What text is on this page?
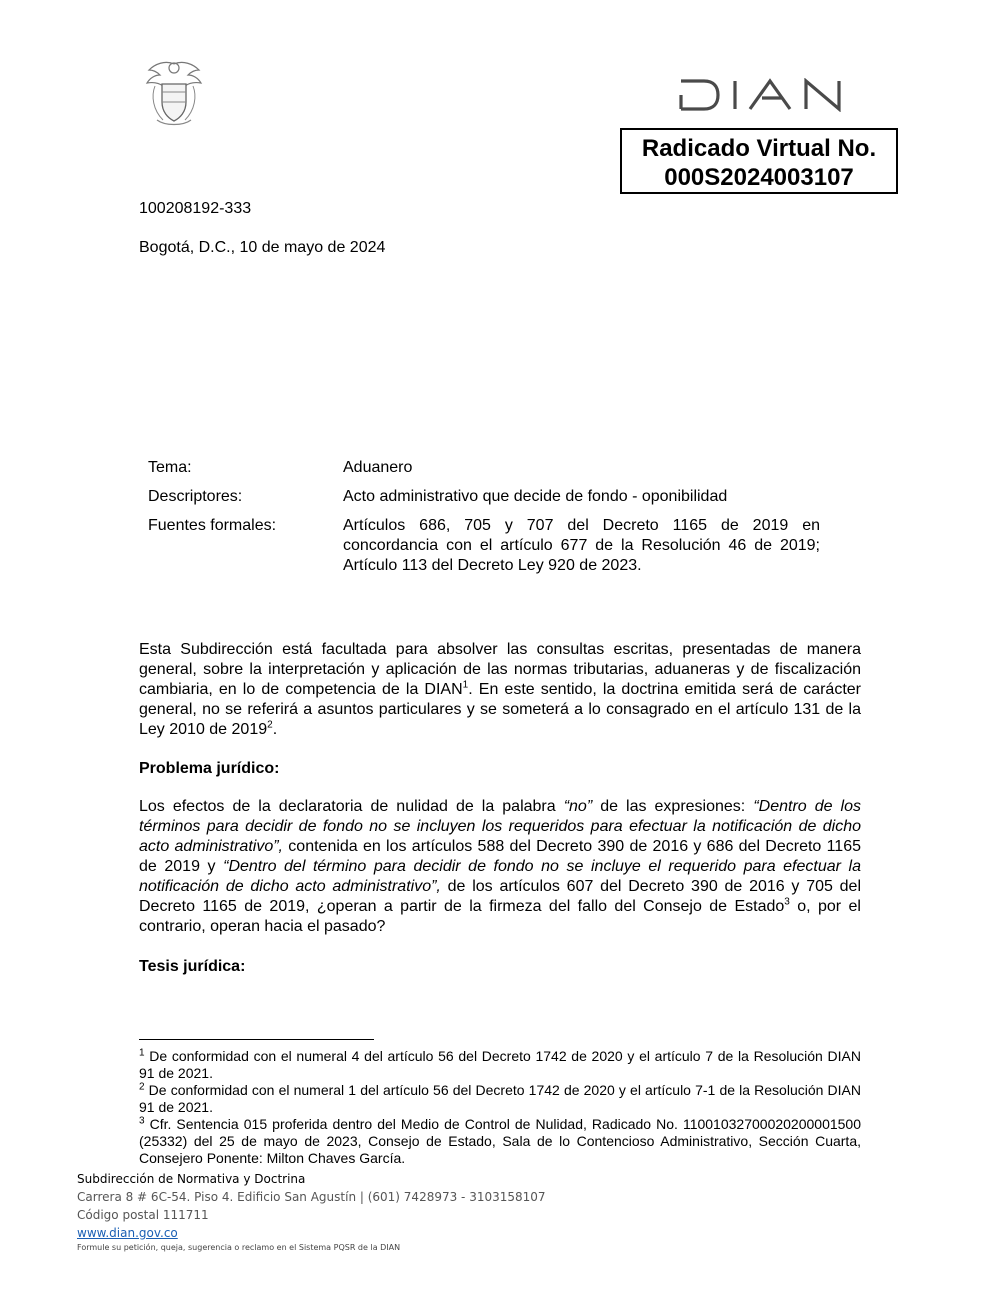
Radicado Virtual No.
000S2024003107
100208192-333
Bogotá, D.C., 10 de mayo de 2024
Tema:	Aduanero
Descriptores:	Acto administrativo que decide de fondo - oponibilidad
Fuentes formales:	Artículos 686, 705 y 707 del Decreto 1165 de 2019 en concordancia con el artículo 677 de la Resolución 46 de 2019; Artículo 113 del Decreto Ley 920 de 2023.
Esta Subdirección está facultada para absolver las consultas escritas, presentadas de manera general, sobre la interpretación y aplicación de las normas tributarias, aduaneras y de fiscalización cambiaria, en lo de competencia de la DIAN$^1$. En este sentido, la doctrina emitida será de carácter general, no se referirá a asuntos particulares y se someterá a lo consagrado en el artículo 131 de la Ley 2010 de 2019$^2$.
Problema jurídico:
Los efectos de la declaratoria de nulidad de la palabra “no” de las expresiones: “Dentro de los términos para decidir de fondo no se incluyen los requeridos para efectuar la notificación de dicho acto administrativo”, contenida en los artículos 588 del Decreto 390 de 2016 y 686 del Decreto 1165 de 2019 y “Dentro del término para decidir de fondo no se incluye el requerido para efectuar la notificación de dicho acto administrativo”, de los artículos 607 del Decreto 390 de 2016 y 705 del Decreto 1165 de 2019, ¿operan a partir de la firmeza del fallo del Consejo de Estado$^3$ o, por el contrario, operan hacia el pasado?
Tesis jurídica:

$^1$ De conformidad con el numeral 4 del artículo 56 del Decreto 1742 de 2020 y el artículo 7 de la Resolución DIAN 91 de 2021.

$^2$ De conformidad con el numeral 1 del artículo 56 del Decreto 1742 de 2020 y el artículo 7-1 de la Resolución DIAN 91 de 2021.

$^3$ Cfr. Sentencia 015 proferida dentro del Medio de Control de Nulidad, Radicado No. 11001032700020200001500 (25332) del 25 de mayo de 2023, Consejo de Estado, Sala de lo Contencioso Administrativo, Sección Cuarta, Consejero Ponente: Milton Chaves García.

Subdirección de Normativa y Doctrina
Carrera 8 # 6C-54. Piso 4. Edificio San Agustín | (601) 7428973 - 3103158107
Código postal 111711
www.dian.gov.co
Formule su petición, queja, sugerencia o reclamo en el Sistema PQSR de la DIAN
